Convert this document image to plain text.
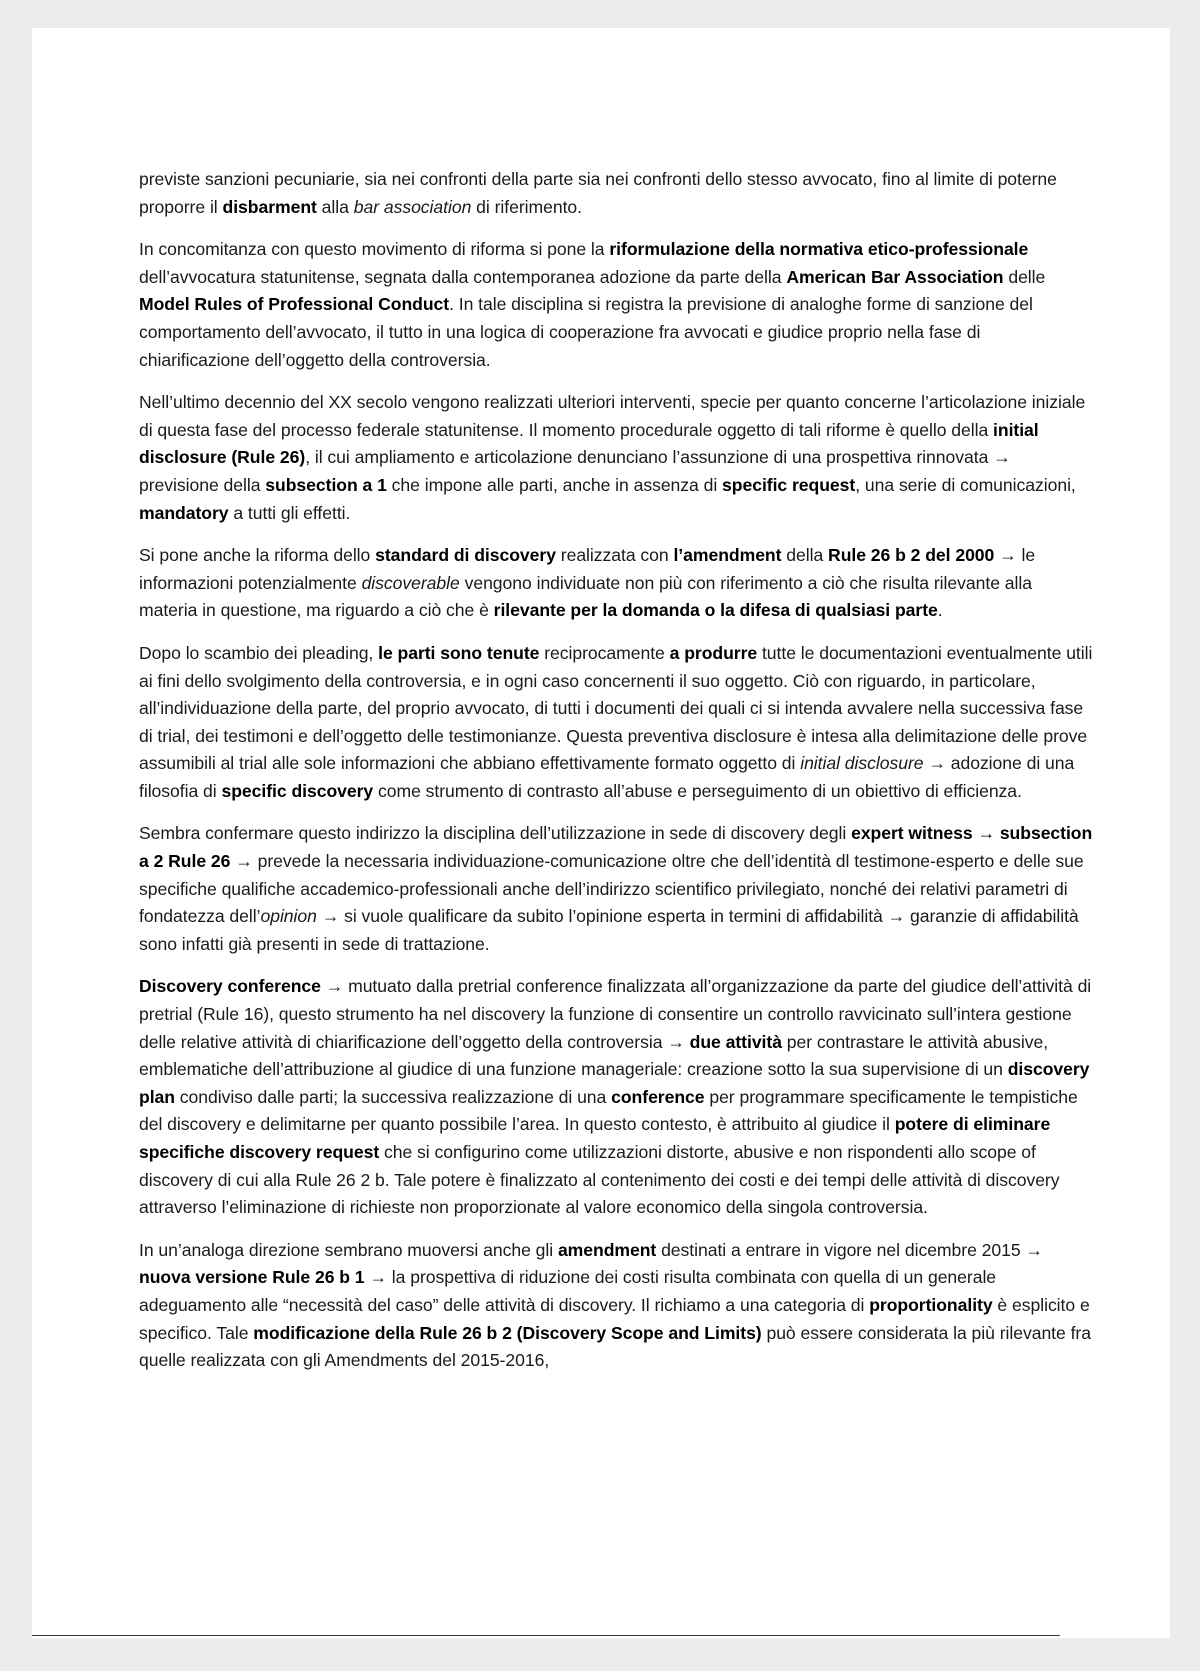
previste sanzioni pecuniarie, sia nei confronti della parte sia nei confronti dello stesso avvocato, fino al limite di poterne proporre il disbarment alla bar association di riferimento.

In concomitanza con questo movimento di riforma si pone la riformulazione della normativa etico-professionale dell’avvocatura statunitense, segnata dalla contemporanea adozione da parte della American Bar Association delle Model Rules of Professional Conduct. In tale disciplina si registra la previsione di analoghe forme di sanzione del comportamento dell’avvocato, il tutto in una logica di cooperazione fra avvocati e giudice proprio nella fase di chiarificazione dell’oggetto della controversia.

Nell’ultimo decennio del XX secolo vengono realizzati ulteriori interventi, specie per quanto concerne l’articolazione iniziale di questa fase del processo federale statunitense. Il momento procedurale oggetto di tali riforme è quello della initial disclosure (Rule 26), il cui ampliamento e articolazione denunciano l’assunzione di una prospettiva rinnovata → previsione della subsection a 1 che impone alle parti, anche in assenza di specific request, una serie di comunicazioni, mandatory a tutti gli effetti.

Si pone anche la riforma dello standard di discovery realizzata con l’amendment della Rule 26 b 2 del 2000 → le informazioni potenzialmente discoverable vengono individuate non più con riferimento a ciò che risulta rilevante alla materia in questione, ma riguardo a ciò che è rilevante per la domanda o la difesa di qualsiasi parte.

Dopo lo scambio dei pleading, le parti sono tenute reciprocamente a produrre tutte le documentazioni eventualmente utili ai fini dello svolgimento della controversia, e in ogni caso concernenti il suo oggetto. Ciò con riguardo, in particolare, all’individuazione della parte, del proprio avvocato, di tutti i documenti dei quali ci si intenda avvalere nella successiva fase di trial, dei testimoni e dell’oggetto delle testimonianze. Questa preventiva disclosure è intesa alla delimitazione delle prove assumibili al trial alle sole informazioni che abbiano effettivamente formato oggetto di initial disclosure → adozione di una filosofia di specific discovery come strumento di contrasto all’abuse e perseguimento di un obiettivo di efficienza.

Sembra confermare questo indirizzo la disciplina dell’utilizzazione in sede di discovery degli expert witness → subsection a 2 Rule 26 → prevede la necessaria individuazione-comunicazione oltre che dell’identità dl testimone-esperto e delle sue specifiche qualifiche accademico-professionali anche dell’indirizzo scientifico privilegiato, nonché dei relativi parametri di fondatezza dell’opinion → si vuole qualificare da subito l’opinione esperta in termini di affidabilità → garanzie di affidabilità sono infatti già presenti in sede di trattazione.

Discovery conference → mutuato dalla pretrial conference finalizzata all’organizzazione da parte del giudice dell’attività di pretrial (Rule 16), questo strumento ha nel discovery la funzione di consentire un controllo ravvicinato sull’intera gestione delle relative attività di chiarificazione dell’oggetto della controversia → due attività per contrastare le attività abusive, emblematiche dell’attribuzione al giudice di una funzione manageriale: creazione sotto la sua supervisione di un discovery plan condiviso dalle parti; la successiva realizzazione di una conference per programmare specificamente le tempistiche del discovery e delimitarne per quanto possibile l’area. In questo contesto, è attribuito al giudice il potere di eliminare specifiche discovery request che si configurino come utilizzazioni distorte, abusive e non rispondenti allo scope of discovery di cui alla Rule 26 2 b. Tale potere è finalizzato al contenimento dei costi e dei tempi delle attività di discovery attraverso l’eliminazione di richieste non proporzionate al valore economico della singola controversia.

In un’analoga direzione sembrano muoversi anche gli amendment destinati a entrare in vigore nel dicembre 2015 → nuova versione Rule 26 b 1 → la prospettiva di riduzione dei costi risulta combinata con quella di un generale adeguamento alle “necessità del caso” delle attività di discovery. Il richiamo a una categoria di proportionality è esplicito e specifico. Tale modificazione della Rule 26 b 2 (Discovery Scope and Limits) può essere considerata la più rilevante fra quelle realizzata con gli Amendments del 2015-2016,
